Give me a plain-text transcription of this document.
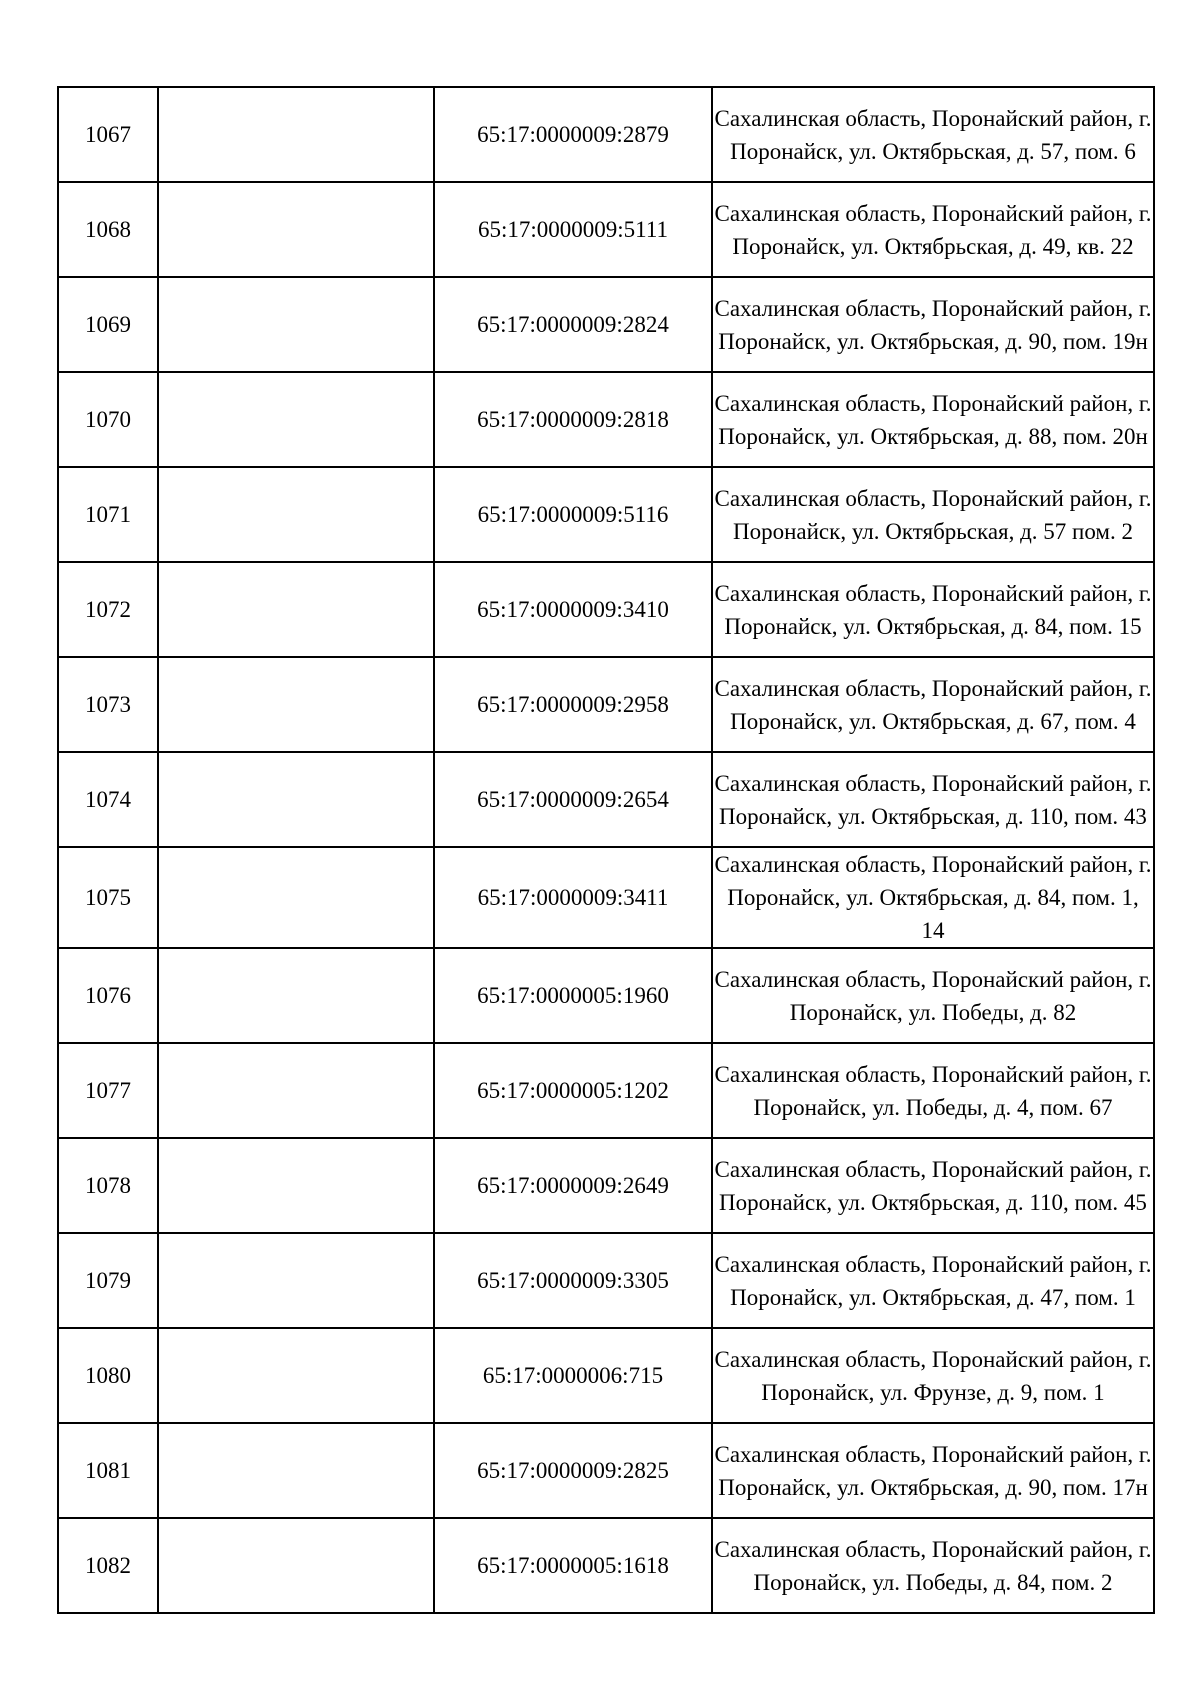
1067		65:17:0000009:2879	Сахалинская область, Поронайский район, г. Поронайск, ул. Октябрьская, д. 57, пом. 6

1068		65:17:0000009:5111	Сахалинская область, Поронайский район, г. Поронайск, ул. Октябрьская, д. 49, кв. 22

1069		65:17:0000009:2824	Сахалинская область, Поронайский район, г. Поронайск, ул. Октябрьская, д. 90, пом. 19н

1070		65:17:0000009:2818	Сахалинская область, Поронайский район, г. Поронайск, ул. Октябрьская, д. 88, пом. 20н

1071		65:17:0000009:5116	Сахалинская область, Поронайский район, г. Поронайск, ул. Октябрьская, д. 57 пом. 2

1072		65:17:0000009:3410	Сахалинская область, Поронайский район, г. Поронайск, ул. Октябрьская, д. 84, пом. 15

1073		65:17:0000009:2958	Сахалинская область, Поронайский район, г. Поронайск, ул. Октябрьская, д. 67, пом. 4

1074		65:17:0000009:2654	Сахалинская область, Поронайский район, г. Поронайск, ул. Октябрьская, д. 110, пом. 43

1075		65:17:0000009:3411	Сахалинская область, Поронайский район, г. Поронайск, ул. Октябрьская, д. 84, пом. 1, 14

1076		65:17:0000005:1960	Сахалинская область, Поронайский район, г. Поронайск, ул. Победы, д. 82

1077		65:17:0000005:1202	Сахалинская область, Поронайский район, г. Поронайск, ул. Победы, д. 4, пом. 67

1078		65:17:0000009:2649	Сахалинская область, Поронайский район, г. Поронайск, ул. Октябрьская, д. 110, пом. 45

1079		65:17:0000009:3305	Сахалинская область, Поронайский район, г. Поронайск, ул. Октябрьская, д. 47, пом. 1

1080		65:17:0000006:715	Сахалинская область, Поронайский район, г. Поронайск, ул. Фрунзе, д. 9, пом. 1

1081		65:17:0000009:2825	Сахалинская область, Поронайский район, г. Поронайск, ул. Октябрьская, д. 90, пом. 17н

1082		65:17:0000005:1618	Сахалинская область, Поронайский район, г. Поронайск, ул. Победы, д. 84, пом. 2
